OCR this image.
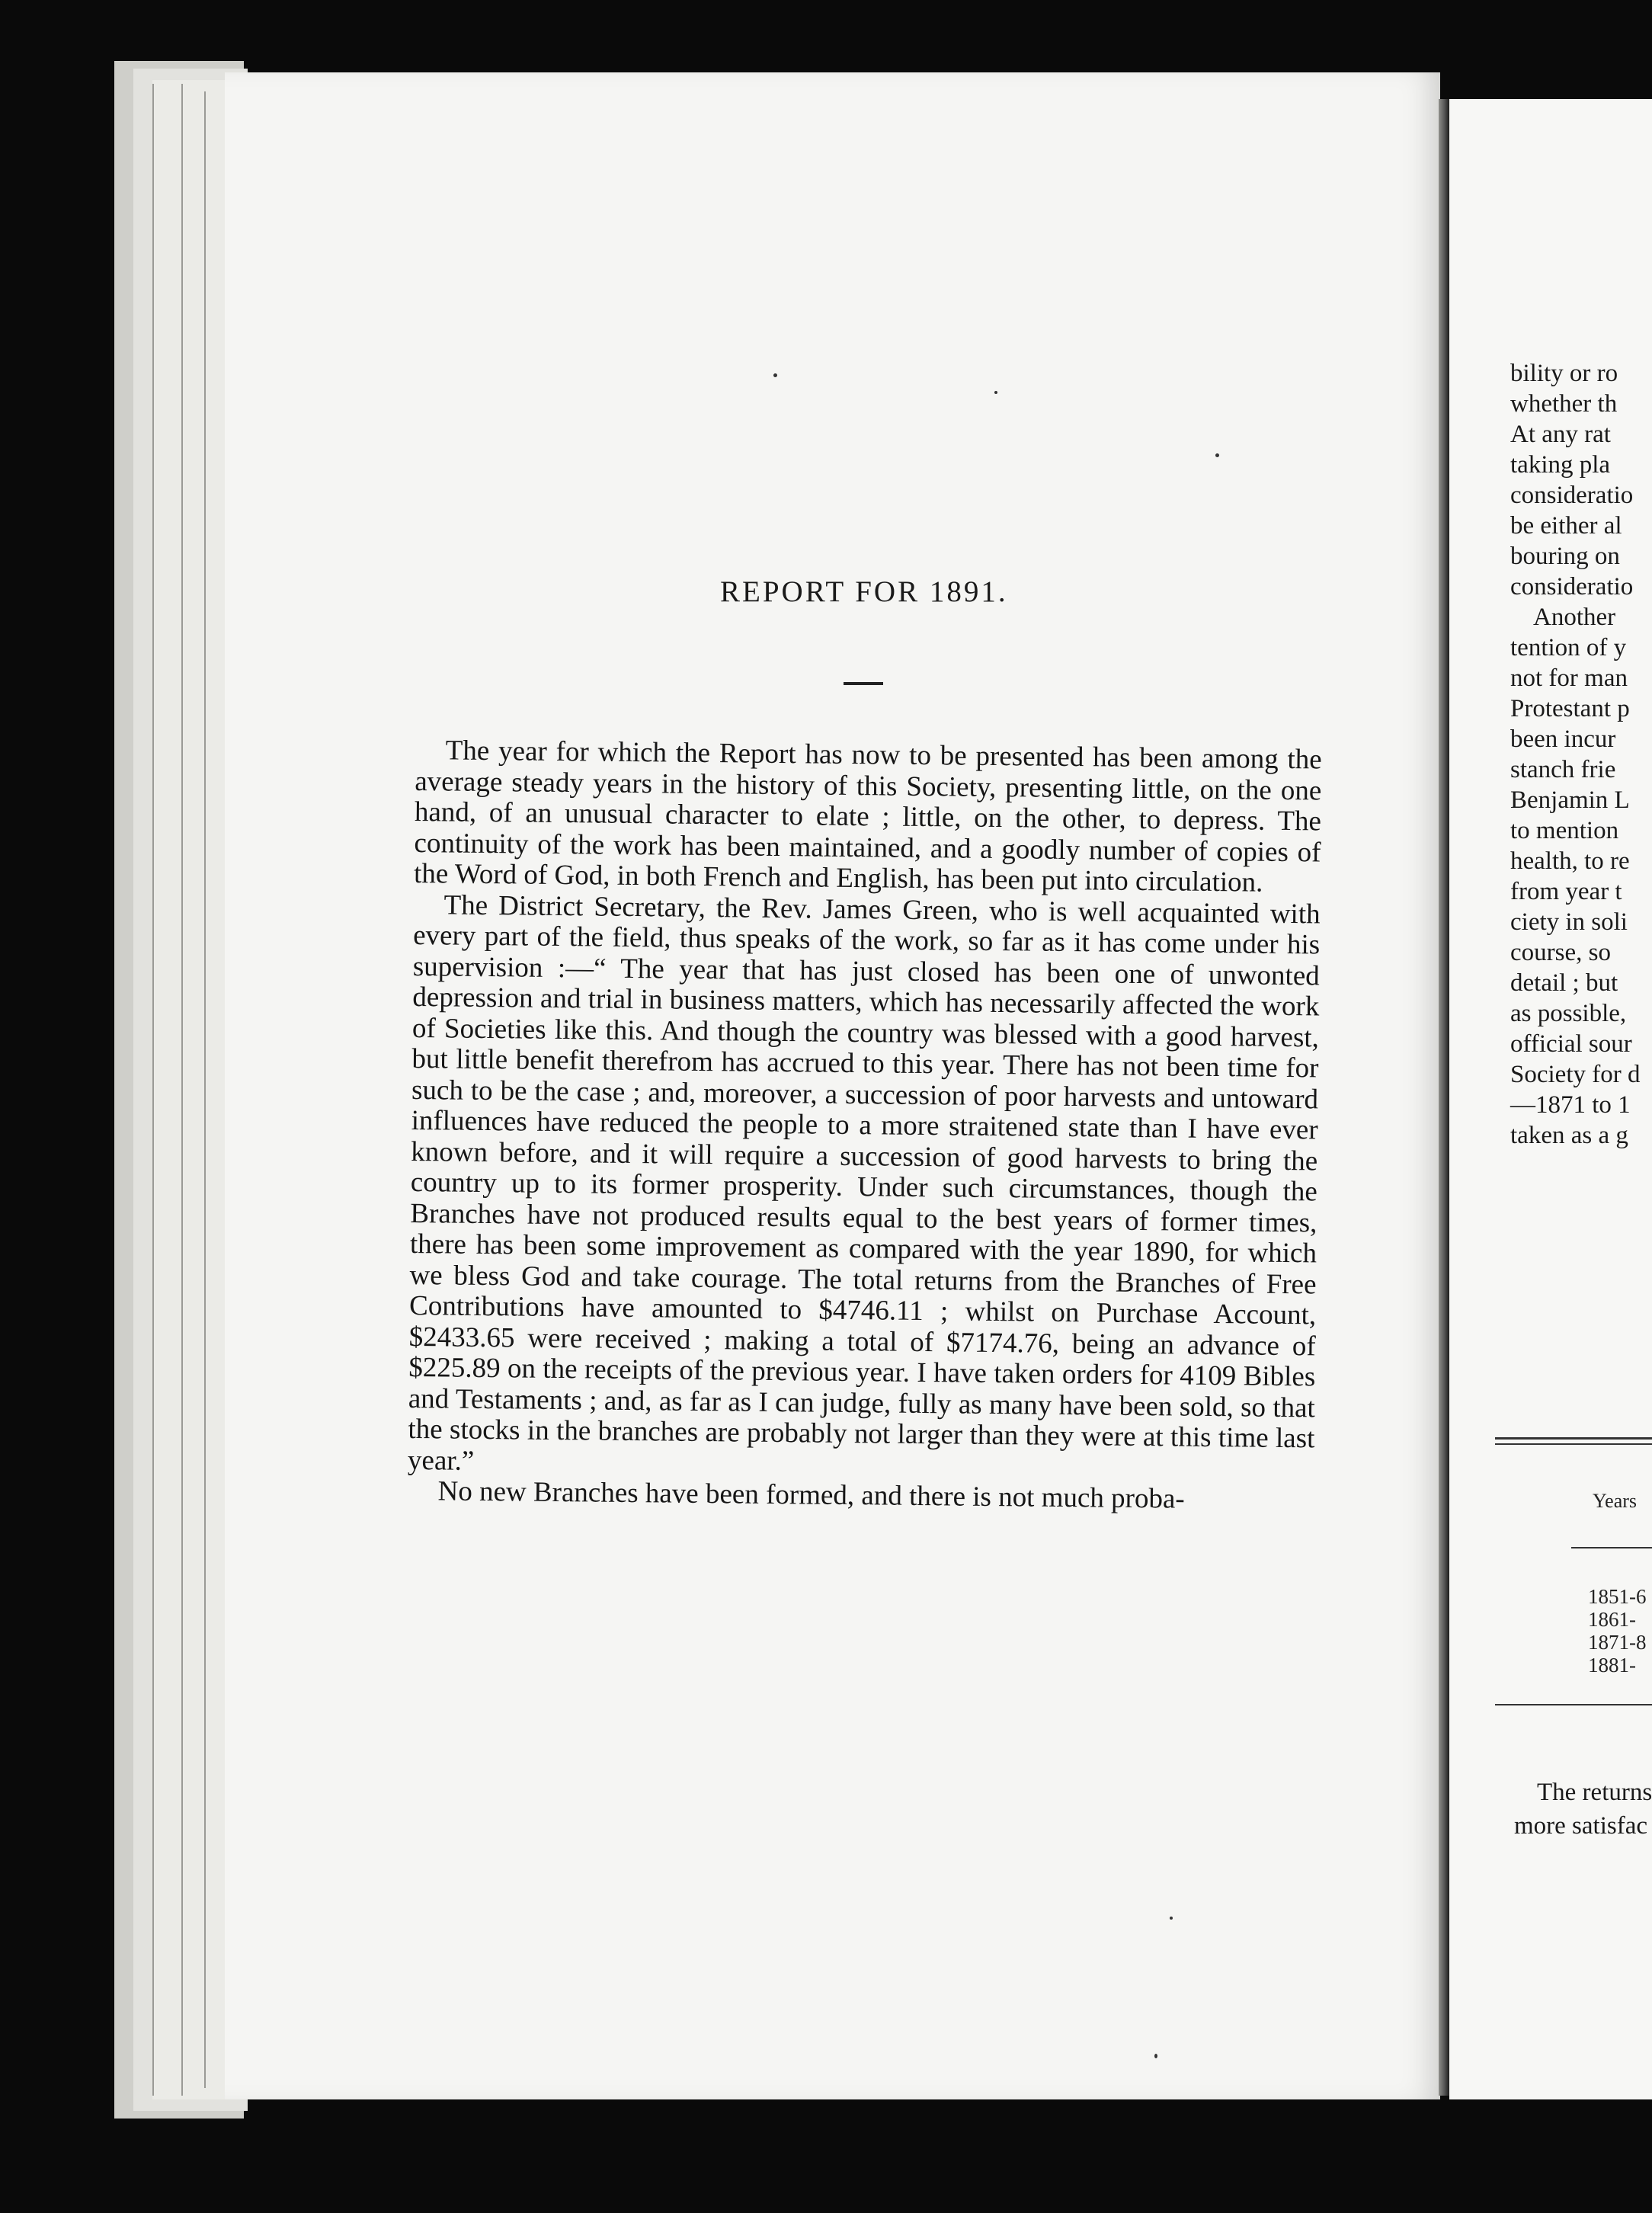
REPORT FOR 1891.

The year for which the Report has now to be presented has been among the average steady years in the history of this Society, presenting little, on the one hand, of an unusual character to elate ; little, on the other, to depress. The continuity of the work has been maintained, and a goodly number of copies of the Word of God, in both French and English, has been put into circulation.

The District Secretary, the Rev. James Green, who is well acquainted with every part of the field, thus speaks of the work, so far as it has come under his supervision :—“ The year that has just closed has been one of unwonted depression and trial in business matters, which has necessarily affected the work of Societies like this. And though the country was blessed with a good harvest, but little benefit therefrom has accrued to this year. There has not been time for such to be the case ; and, moreover, a succession of poor harvests and untoward influences have reduced the people to a more straitened state than I have ever known before, and it will require a succession of good harvests to bring the country up to its former prosperity. Under such circumstances, though the Branches have not produced results equal to the best years of former times, there has been some improvement as compared with the year 1890, for which we bless God and take courage. The total returns from the Branches of Free Contributions have amounted to $4746.11 ; whilst on Purchase Account, $2433.65 were received ; making a total of $7174.76, being an advance of $225.89 on the receipts of the previous year. I have taken orders for 4109 Bibles and Testaments ; and, as far as I can judge, fully as many have been sold, so that the stocks in the branches are probably not larger than they were at this time last year.”

No new Branches have been formed, and there is not much proba-

bility or ro
whether th
At any rat
taking pla
consideratio
be either al
bouring on
consideratio
Another
tention of y
not for man
Protestant p
been incur
stanch frie
Benjamin L
to mention
health, to re
from year t
ciety in soli
course, so
detail ; but
as possible,
official sour
Society for d
—1871 to 1
taken as a g
Years
1851-6
1861-
1871-8
1881-
The returns
more satisfac
